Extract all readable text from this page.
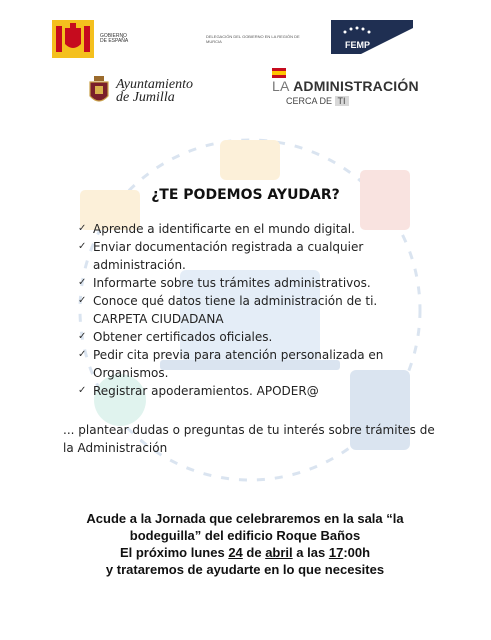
GOBIERNO
DE ESPAÑA
DELEGACIÓN DEL GOBIERNO EN LA REGIÓN DE MURCIA	FEMP
Ayuntamiento
de Jumilla
LA ADMINISTRACIÓN
CERCA DE TI
¿TE PODEMOS AYUDAR?
✓ Aprende a identificarte en el mundo digital.
✓ Enviar documentación registrada a cualquier administración.
✓ Informarte sobre tus trámites administrativos.
✓ Conoce qué datos tiene la administración de ti. CARPETA CIUDADANA
✓ Obtener certificados oficiales.
✓ Pedir cita previa para atención personalizada en Organismos.
✓ Registrar apoderamientos. APODER@
... plantear dudas o preguntas de tu interés sobre trámites de la Administración
Acude a la Jornada que celebraremos en la sala “la bodeguilla” del edificio Roque Baños
El próximo lunes 24 de abril a las 17:00h
y trataremos de ayudarte en lo que necesites
